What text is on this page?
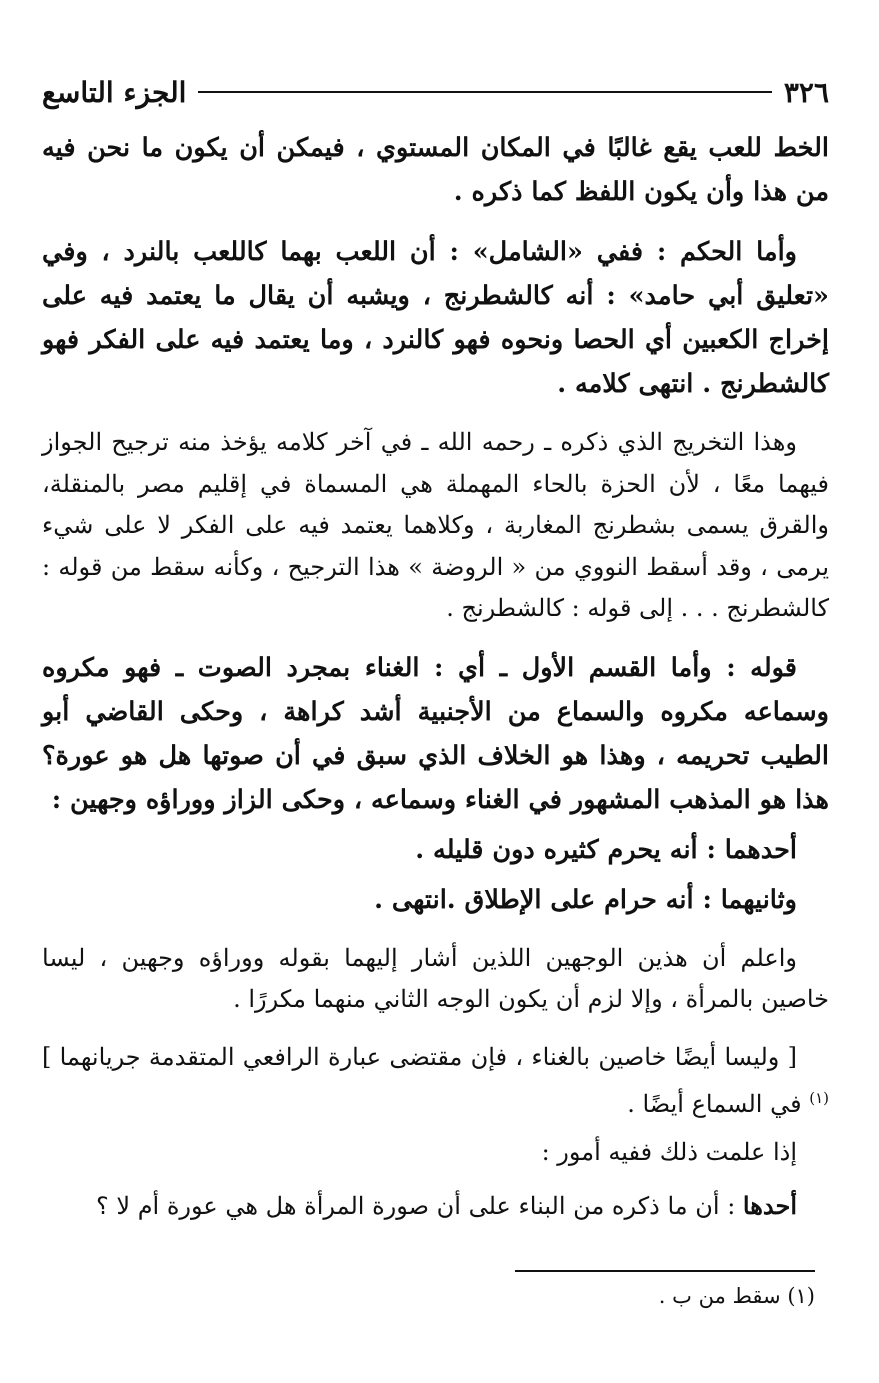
٣٢٦
الجزء التاسع

الخط للعب يقع غالبًا في المكان المستوي ، فيمكن أن يكون ما نحن فيه من هذا وأن يكون اللفظ كما ذكره .

وأما الحكم : ففي «الشامل» : أن اللعب بهما كاللعب بالنرد ، وفي «تعليق أبي حامد» : أنه كالشطرنج ، ويشبه أن يقال ما يعتمد فيه على إخراج الكعبين أي الحصا ونحوه فهو كالنرد ، وما يعتمد فيه على الفكر فهو كالشطرنج . انتهى كلامه .

وهذا التخريج الذي ذكره ـ رحمه الله ـ في آخر كلامه يؤخذ منه ترجيح الجواز فيهما معًا ، لأن الحزة بالحاء المهملة هي المسماة في إقليم مصر بالمنقلة، والقرق يسمى بشطرنج المغاربة ، وكلاهما يعتمد فيه على الفكر لا على شيء يرمى ، وقد أسقط النووي من « الروضة » هذا الترجيح ، وكأنه سقط من قوله : كالشطرنج . . . إلى قوله : كالشطرنج .

قوله : وأما القسم الأول ـ أي : الغناء بمجرد الصوت ـ فهو مكروه وسماعه مكروه والسماع من الأجنبية أشد كراهة ، وحكى القاضي أبو الطيب تحريمه ، وهذا هو الخلاف الذي سبق في أن صوتها هل هو عورة؟ هذا هو المذهب المشهور في الغناء وسماعه ، وحكى الزاز ووراؤه وجهين :

أحدهما : أنه يحرم كثيره دون قليله .

وثانيهما : أنه حرام على الإطلاق .انتهى .

واعلم أن هذين الوجهين اللذين أشار إليهما بقوله ووراؤه وجهين ، ليسا خاصين بالمرأة ، وإلا لزم أن يكون الوجه الثاني منهما مكررًا .

[ وليسا أيضًا خاصين بالغناء ، فإن مقتضى عبارة الرافعي المتقدمة جريانهما ] $^{(١)}$ في السماع أيضًا .

إذا علمت ذلك ففيه أمور :

أحدها : أن ما ذكره من البناء على أن صورة المرأة هل هي عورة أم لا ؟

(١) سقط من ب .
